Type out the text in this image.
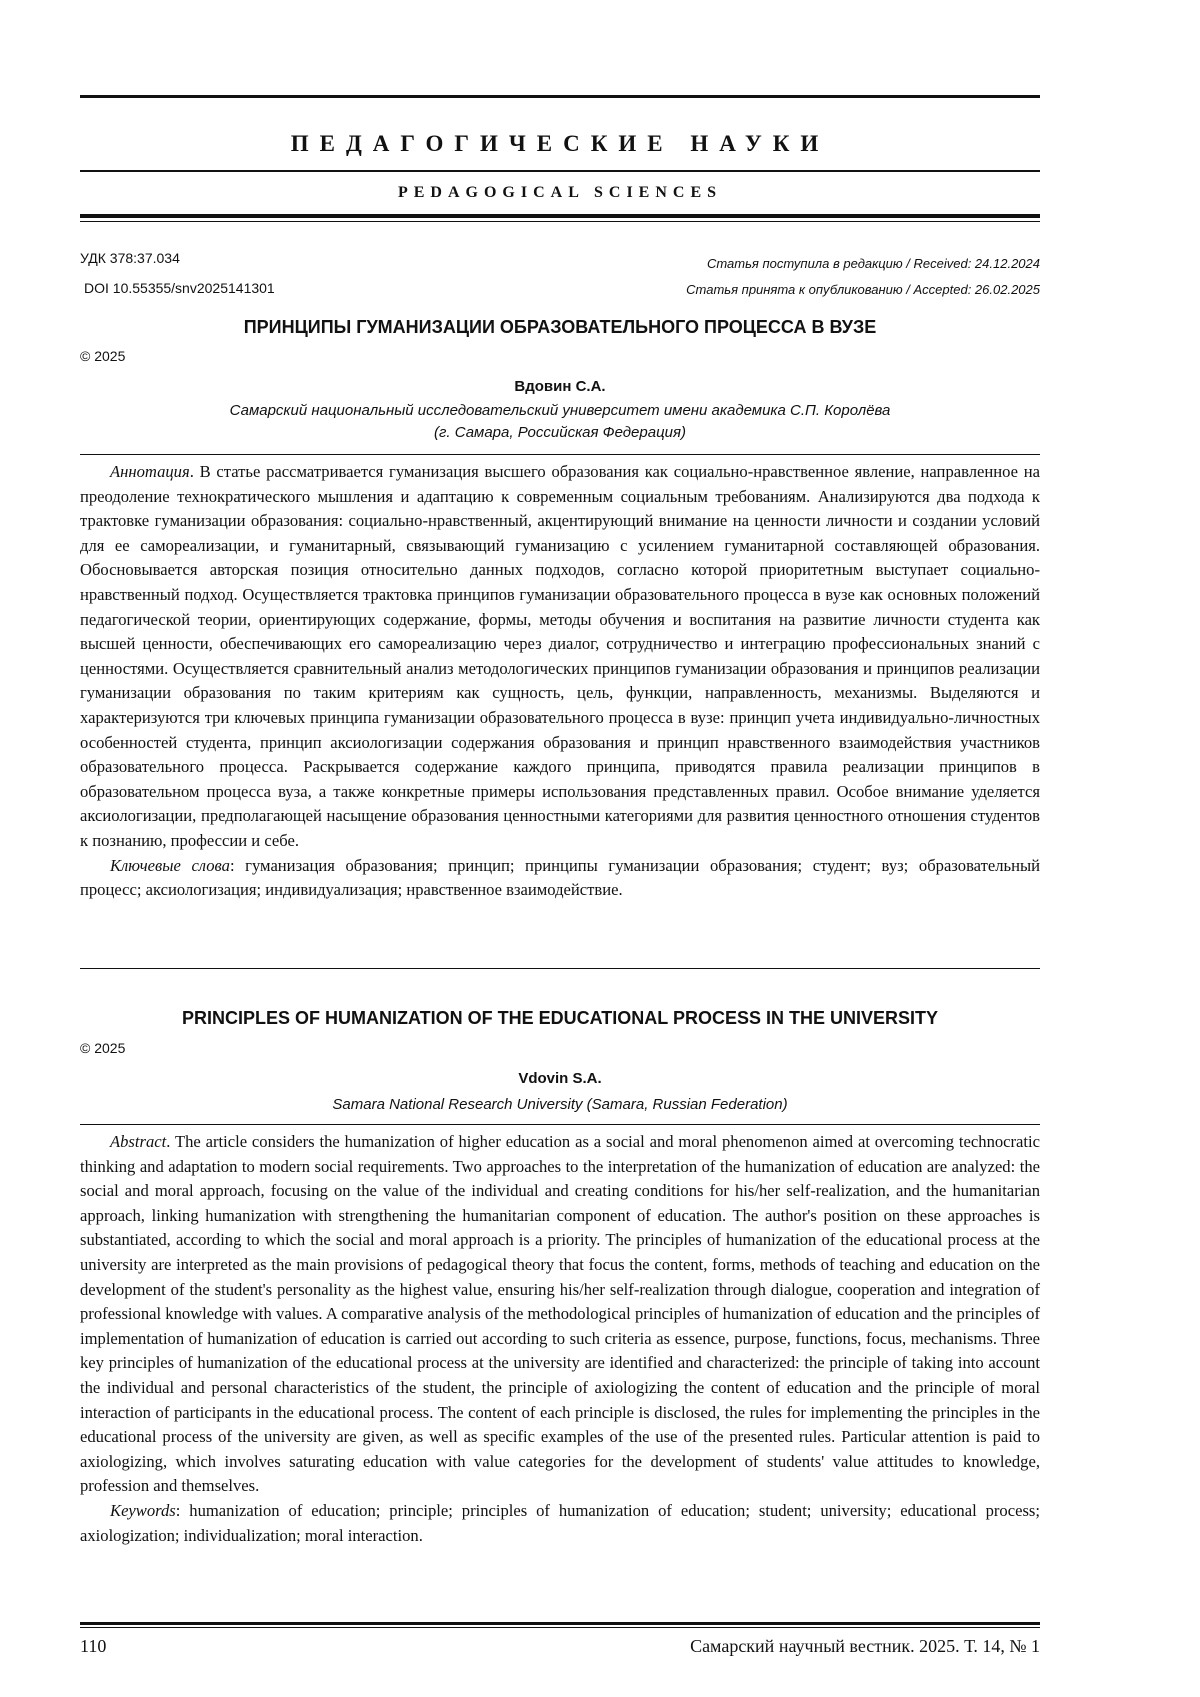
ПЕДАГОГИЧЕСКИЕ НАУКИ
PEDAGOGICAL SCIENCES
УДК 378:37.034
DOI 10.55355/snv2025141301
Статья поступила в редакцию / Received: 24.12.2024
Статья принята к опубликованию / Accepted: 26.02.2025
ПРИНЦИПЫ ГУМАНИЗАЦИИ ОБРАЗОВАТЕЛЬНОГО ПРОЦЕССА В ВУЗЕ
© 2025
Вдовин С.А.
Самарский национальный исследовательский университет имени академика С.П. Королёва
(г. Самара, Российская Федерация)

Аннотация. В статье рассматривается гуманизация высшего образования как социально-нравственное явление, направленное на преодоление технократического мышления и адаптацию к современным социальным требованиям. Анализируются два подхода к трактовке гуманизации образования: социально-нравственный, акцентирующий внимание на ценности личности и создании условий для ее самореализации, и гуманитарный, связывающий гуманизацию с усилением гуманитарной составляющей образования. Обосновывается авторская позиция относительно данных подходов, согласно которой приоритетным выступает социально-нравственный подход. Осуществляется трактовка принципов гуманизации образовательного процесса в вузе как основных положений педагогической теории, ориентирующих содержание, формы, методы обучения и воспитания на развитие личности студента как высшей ценности, обеспечивающих его самореализацию через диалог, сотрудничество и интеграцию профессиональных знаний с ценностями. Осуществляется сравнительный анализ методологических принципов гуманизации образования и принципов реализации гуманизации образования по таким критериям как сущность, цель, функции, направленность, механизмы. Выделяются и характеризуются три ключевых принципа гуманизации образовательного процесса в вузе: принцип учета индивидуально-личностных особенностей студента, принцип аксиологизации содержания образования и принцип нравственного взаимодействия участников образовательного процесса. Раскрывается содержание каждого принципа, приводятся правила реализации принципов в образовательном процесса вуза, а также конкретные примеры использования представленных правил. Особое внимание уделяется аксиологизации, предполагающей насыщение образования ценностными категориями для развития ценностного отношения студентов к познанию, профессии и себе.

Ключевые слова: гуманизация образования; принцип; принципы гуманизации образования; студент; вуз; образовательный процесс; аксиологизация; индивидуализация; нравственное взаимодействие.

PRINCIPLES OF HUMANIZATION OF THE EDUCATIONAL PROCESS IN THE UNIVERSITY
© 2025
Vdovin S.A.
Samara National Research University (Samara, Russian Federation)

Abstract. The article considers the humanization of higher education as a social and moral phenomenon aimed at overcoming technocratic thinking and adaptation to modern social requirements. Two approaches to the interpretation of the humanization of education are analyzed: the social and moral approach, focusing on the value of the individual and creating conditions for his/her self-realization, and the humanitarian approach, linking humanization with strengthening the humanitarian component of education. The author's position on these approaches is substantiated, according to which the social and moral approach is a priority. The principles of humanization of the educational process at the university are interpreted as the main provisions of pedagogical theory that focus the content, forms, methods of teaching and education on the development of the student's personality as the highest value, ensuring his/her self-realization through dialogue, cooperation and integration of professional knowledge with values. A comparative analysis of the methodological principles of humanization of education and the principles of implementation of humanization of education is carried out according to such criteria as essence, purpose, functions, focus, mechanisms. Three key principles of humanization of the educational process at the university are identified and characterized: the principle of taking into account the individual and personal characteristics of the student, the principle of axiologizing the content of education and the principle of moral interaction of participants in the educational process. The content of each principle is disclosed, the rules for implementing the principles in the educational process of the university are given, as well as specific examples of the use of the presented rules. Particular attention is paid to axiologizing, which involves saturating education with value categories for the development of students' value attitudes to knowledge, profession and themselves.

Keywords: humanization of education; principle; principles of humanization of education; student; university; educational process; axiologization; individualization; moral interaction.

110	Самарский научный вестник. 2025. Т. 14, № 1
